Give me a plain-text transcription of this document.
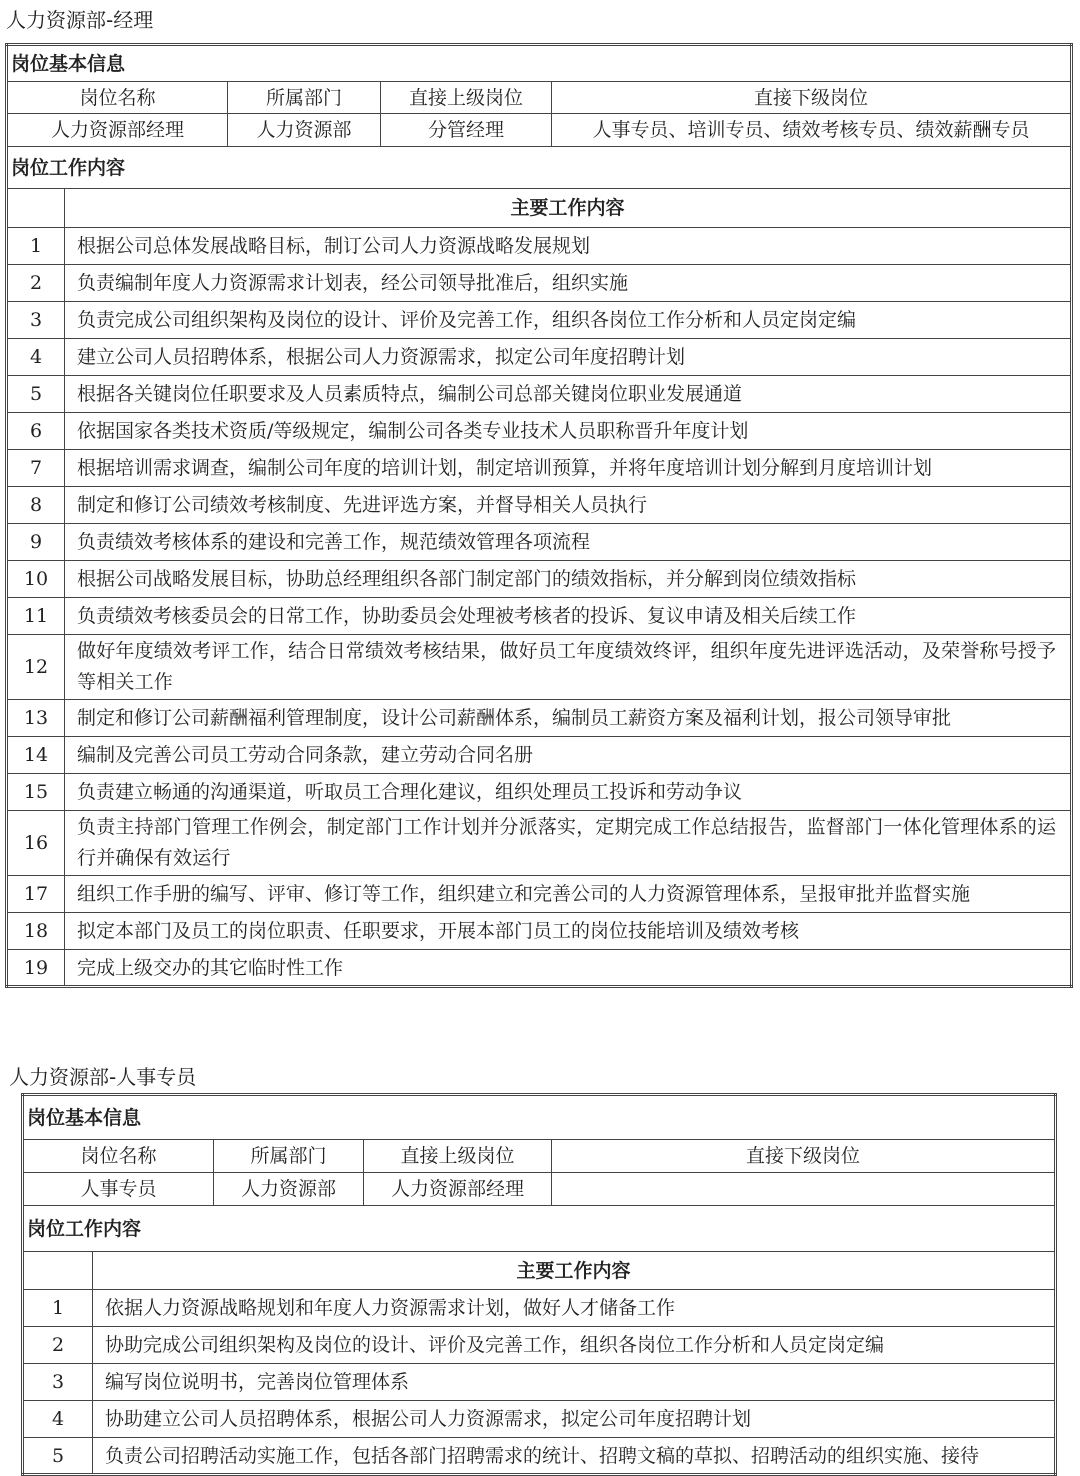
人力资源部-经理
岗位基本信息				
岗位名称		所属部门	直接上级岗位	直接下级岗位
人力资源部经理		人力资源部	分管经理	人事专员、培训专员、绩效考核专员、绩效薪酬专员
岗位工作内容				
	主要工作内容			
1	根据公司总体发展战略目标，制订公司人力资源战略发展规划			
2	负责编制年度人力资源需求计划表，经公司领导批准后，组织实施			
3	负责完成公司组织架构及岗位的设计、评价及完善工作，组织各岗位工作分析和人员定岗定编			
4	建立公司人员招聘体系，根据公司人力资源需求，拟定公司年度招聘计划			
5	根据各关键岗位任职要求及人员素质特点，编制公司总部关键岗位职业发展通道			
6	依据国家各类技术资质/等级规定，编制公司各类专业技术人员职称晋升年度计划			
7	根据培训需求调查，编制公司年度的培训计划，制定培训预算，并将年度培训计划分解到月度培训计划			
8	制定和修订公司绩效考核制度、先进评选方案，并督导相关人员执行			
9	负责绩效考核体系的建设和完善工作，规范绩效管理各项流程			
10	根据公司战略发展目标，协助总经理组织各部门制定部门的绩效指标，并分解到岗位绩效指标			
11	负责绩效考核委员会的日常工作，协助委员会处理被考核者的投诉、复议申请及相关后续工作			
12	做好年度绩效考评工作，结合日常绩效考核结果，做好员工年度绩效终评，组织年度先进评选活动，及荣誉称号授予等相关工作			
13	制定和修订公司薪酬福利管理制度，设计公司薪酬体系，编制员工薪资方案及福利计划，报公司领导审批			
14	编制及完善公司员工劳动合同条款，建立劳动合同名册			
15	负责建立畅通的沟通渠道，听取员工合理化建议，组织处理员工投诉和劳动争议			
16	负责主持部门管理工作例会，制定部门工作计划并分派落实，定期完成工作总结报告，监督部门一体化管理体系的运行并确保有效运行			
17	组织工作手册的编写、评审、修订等工作，组织建立和完善公司的人力资源管理体系，呈报审批并监督实施			
18	拟定本部门及员工的岗位职责、任职要求，开展本部门员工的岗位技能培训及绩效考核			
19	完成上级交办的其它临时性工作			
人力资源部-人事专员
岗位基本信息				
岗位名称		所属部门	直接上级岗位	直接下级岗位
人事专员		人力资源部	人力资源部经理	
岗位工作内容				
	主要工作内容			
1	依据人力资源战略规划和年度人力资源需求计划，做好人才储备工作			
2	协助完成公司组织架构及岗位的设计、评价及完善工作，组织各岗位工作分析和人员定岗定编			
3	编写岗位说明书，完善岗位管理体系			
4	协助建立公司人员招聘体系，根据公司人力资源需求，拟定公司年度招聘计划			
5	负责公司招聘活动实施工作，包括各部门招聘需求的统计、招聘文稿的草拟、招聘活动的组织实施、接待			
